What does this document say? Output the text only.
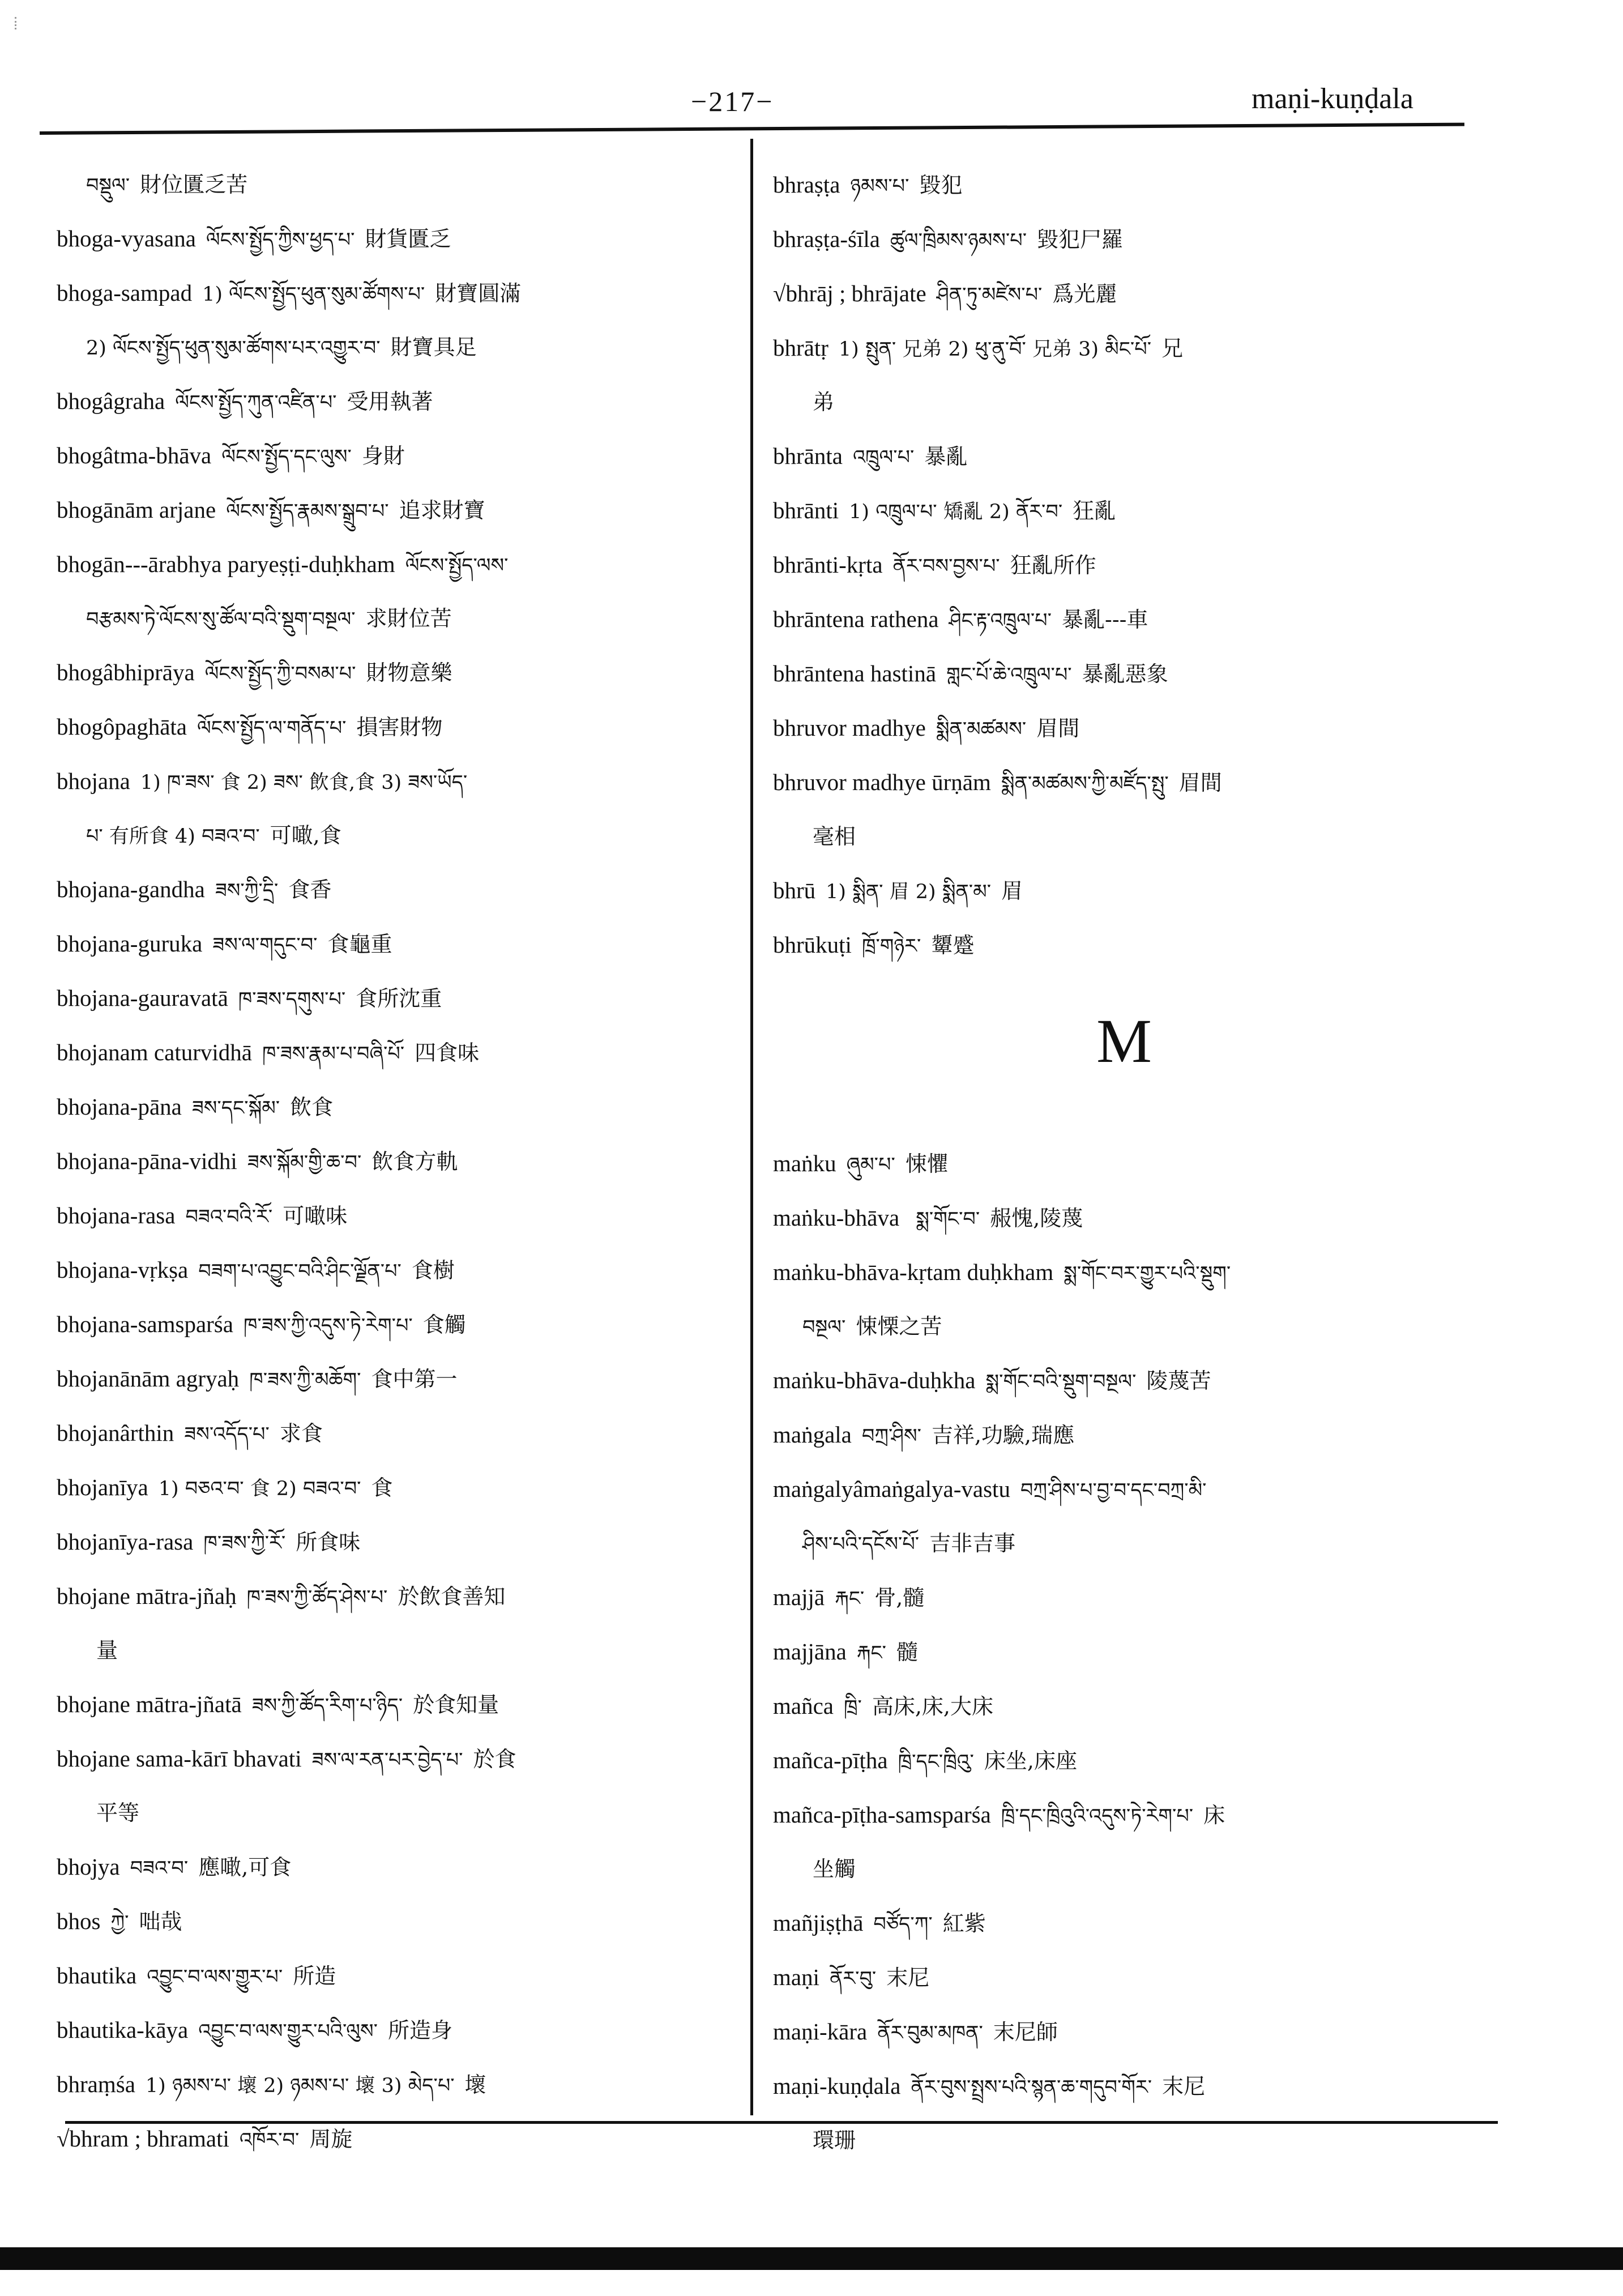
−217−	maṇi-kuṇḍala
བསྡུལ་ 財位匱乏苦
bhoga-vyasana ལོངས་སྤྱོད་ཀྱིས་ཕྱད་པ་ 財貨匱乏
bhoga-sampad 1) ལོངས་སྤྱོད་ཕུན་སུམ་ཚོགས་པ་ 財寶圓滿
2) ལོངས་སྤྱོད་ཕུན་སུམ་ཚོགས་པར་འགྱུར་བ་ 財寶具足
bhogâgraha ལོངས་སྤྱོད་ཀུན་འཛིན་པ་ 受用執著
bhogâtma-bhāva ལོངས་སྤྱོད་དང་ལུས་ 身財
bhogānām arjane ལོངས་སྤྱོད་རྣམས་སྒྲུབ་པ་ 追求財寶
bhogān---ārabhya paryeṣṭi-duḥkham ལོངས་སྤྱོད་ལས་
བརྩམས་ཏེ་ལོངས་སུ་ཚོལ་བའི་སྡུག་བསྔལ་ 求財位苦
bhogâbhiprāya ལོངས་སྤྱོད་ཀྱི་བསམ་པ་ 財物意樂
bhogôpaghāta ལོངས་སྤྱོད་ལ་གནོད་པ་ 損害財物
bhojana 1) ཁ་ཟས་ 食 2) ཟས་ 飲食,食 3) ཟས་ཡོད་
པ་ 有所食 4) བཟའ་བ་ 可噉,食
bhojana-gandha ཟས་ཀྱི་དྲི་ 食香
bhojana-guruka ཟས་ལ་གདུང་བ་ 食龜重
bhojana-gauravatā ཁ་ཟས་དགུས་པ་ 食所沈重
bhojanam caturvidhā ཁ་ཟས་རྣམ་པ་བཞི་པོ་ 四食味
bhojana-pāna ཟས་དང་སྐོམ་ 飲食
bhojana-pāna-vidhi ཟས་སྐོམ་གྱི་ཆ་བ་ 飲食方軌
bhojana-rasa བཟའ་བའི་རོ་ 可噉味
bhojana-vṛkṣa བཟག་པ་འབྱུང་བའི་ཤིང་ལྗོན་པ་ 食樹
bhojana-samsparśa ཁ་ཟས་ཀྱི་འདུས་ཏེ་རེག་པ་ 食觸
bhojanānām agryaḥ ཁ་ཟས་ཀྱི་མཆོག་ 食中第一
bhojanârthin ཟས་འདོད་པ་ 求食
bhojanīya 1) བཅའ་བ་ 食 2) བཟའ་བ་ 食
bhojanīya-rasa ཁ་ཟས་ཀྱི་རོ་ 所食味
bhojane mātra-jñaḥ ཁ་ཟས་ཀྱི་ཚོད་ཤེས་པ་ 於飲食善知
量
bhojane mātra-jñatā ཟས་ཀྱི་ཚོད་རིག་པ་ཉིད་ 於食知量
bhojane sama-kārī bhavati ཟས་ལ་རན་པར་བྱེད་པ་ 於食
平等
bhojya བཟའ་བ་ 應噉,可食
bhos ཀྱེ་ 咄哉
bhautika འབྱུང་བ་ལས་གྱུར་པ་ 所造
bhautika-kāya འབྱུང་བ་ལས་གྱུར་པའི་ལུས་ 所造身
bhraṃśa 1) ཉམས་པ་ 壞 2) ཉམས་པ་ 壞 3) མེད་པ་ 壞
√bhram ; bhramati འཁོར་བ་ 周旋
bhraṣṭa ཉམས་པ་ 毀犯
bhraṣṭa-śīla ཚུལ་ཁྲིམས་ཉམས་པ་ 毀犯尸羅
√bhrāj ; bhrājate ཤིན་ཏུ་མཛེས་པ་ 爲光麗
bhrātṛ 1) སྤུན་ 兄弟 2) ཕུ་ནུ་བོ་ 兄弟 3) མིང་པོ་ 兄
弟
bhrānta འཁྲུལ་པ་ 暴亂
bhrānti 1) འཁྲུལ་པ་ 矯亂 2) ནོར་བ་ 狂亂
bhrānti-kṛta ནོར་བས་བྱས་པ་ 狂亂所作
bhrāntena rathena ཤིང་རྟ་འཁྲུལ་པ་ 暴亂---車
bhrāntena hastinā གླང་པོ་ཆེ་འཁྲུལ་པ་ 暴亂惡象
bhruvor madhye སྨིན་མཚམས་ 眉間
bhruvor madhye ūrṇām སྨིན་མཚམས་ཀྱི་མཛོད་སྤུ་ 眉間
毫相
bhrū 1) སྨིན་ 眉 2) སྨིན་མ་ 眉
bhrūkuṭi ཁྲོ་གཉེར་ 顰蹙
M
maṅku ཞུམ་པ་ 悚懼
maṅku-bhāva སྨ་གོང་བ་ 赧愧,陵蔑
maṅku-bhāva-kṛtam duḥkham སྨ་གོང་བར་གྱུར་པའི་སྡུག་
བསྔལ་ 悚慄之苦
maṅku-bhāva-duḥkha སྨ་གོང་བའི་སྡུག་བསྔལ་ 陵蔑苦
maṅgala བཀྲ་ཤིས་ 吉祥,功驗,瑞應
maṅgalyâmaṅgalya-vastu བཀྲ་ཤིས་པ་བྱ་བ་དང་བཀྲ་མི་
ཤིས་པའི་དངོས་པོ་ 吉非吉事
majjā རྐང་ 骨,髓
majjāna རྐང་ 髓
mañca ཁྲི་ 高床,床,大床
mañca-pīṭha ཁྲི་དང་ཁྲིའུ་ 床坐,床座
mañca-pīṭha-samsparśa ཁྲི་དང་ཁྲིའུའི་འདུས་ཏེ་རེག་པ་ 床
坐觸
mañjiṣṭhā བཙོད་ཀ་ 紅紫
maṇi ནོར་བུ་ 末尼
maṇi-kāra ནོར་བུམ་མཁན་ 末尼師
maṇi-kuṇḍala ནོར་བུས་སྤྲས་པའི་སྙན་ཆ་གདུབ་གོར་ 末尼
環珊
